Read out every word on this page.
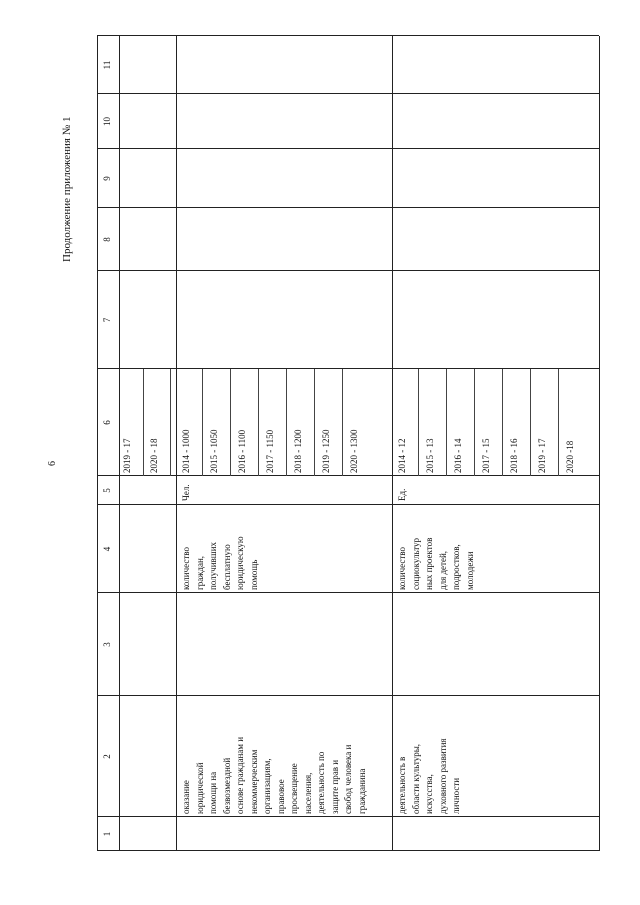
6
Продолжение приложения № 1
1
2
3
4
5
6
7
8
9
10
11
2019 - 17 2020 - 18
оказание юридической помощи на безвозмездной основе гражданам и некоммерческим организациям, правовое просвещение населения, деятельность по защите прав и свобод человека и гражданина
количество граждан, получивших бесплатную юридическую помощь
Чел.
2014 - 1000 2015 - 1050 2016 - 1100 2017 - 1150 2018 - 1200 2019 - 1250 2020 - 1300
деятельность в области культуры, искусства, духовного развития личности
количество социокультур ных проектов для детей, подростков, молодежи
Ед.
2014 - 12 2015 - 13 2016 - 14 2017 - 15 2018 - 16 2019 - 17 2020 -18
